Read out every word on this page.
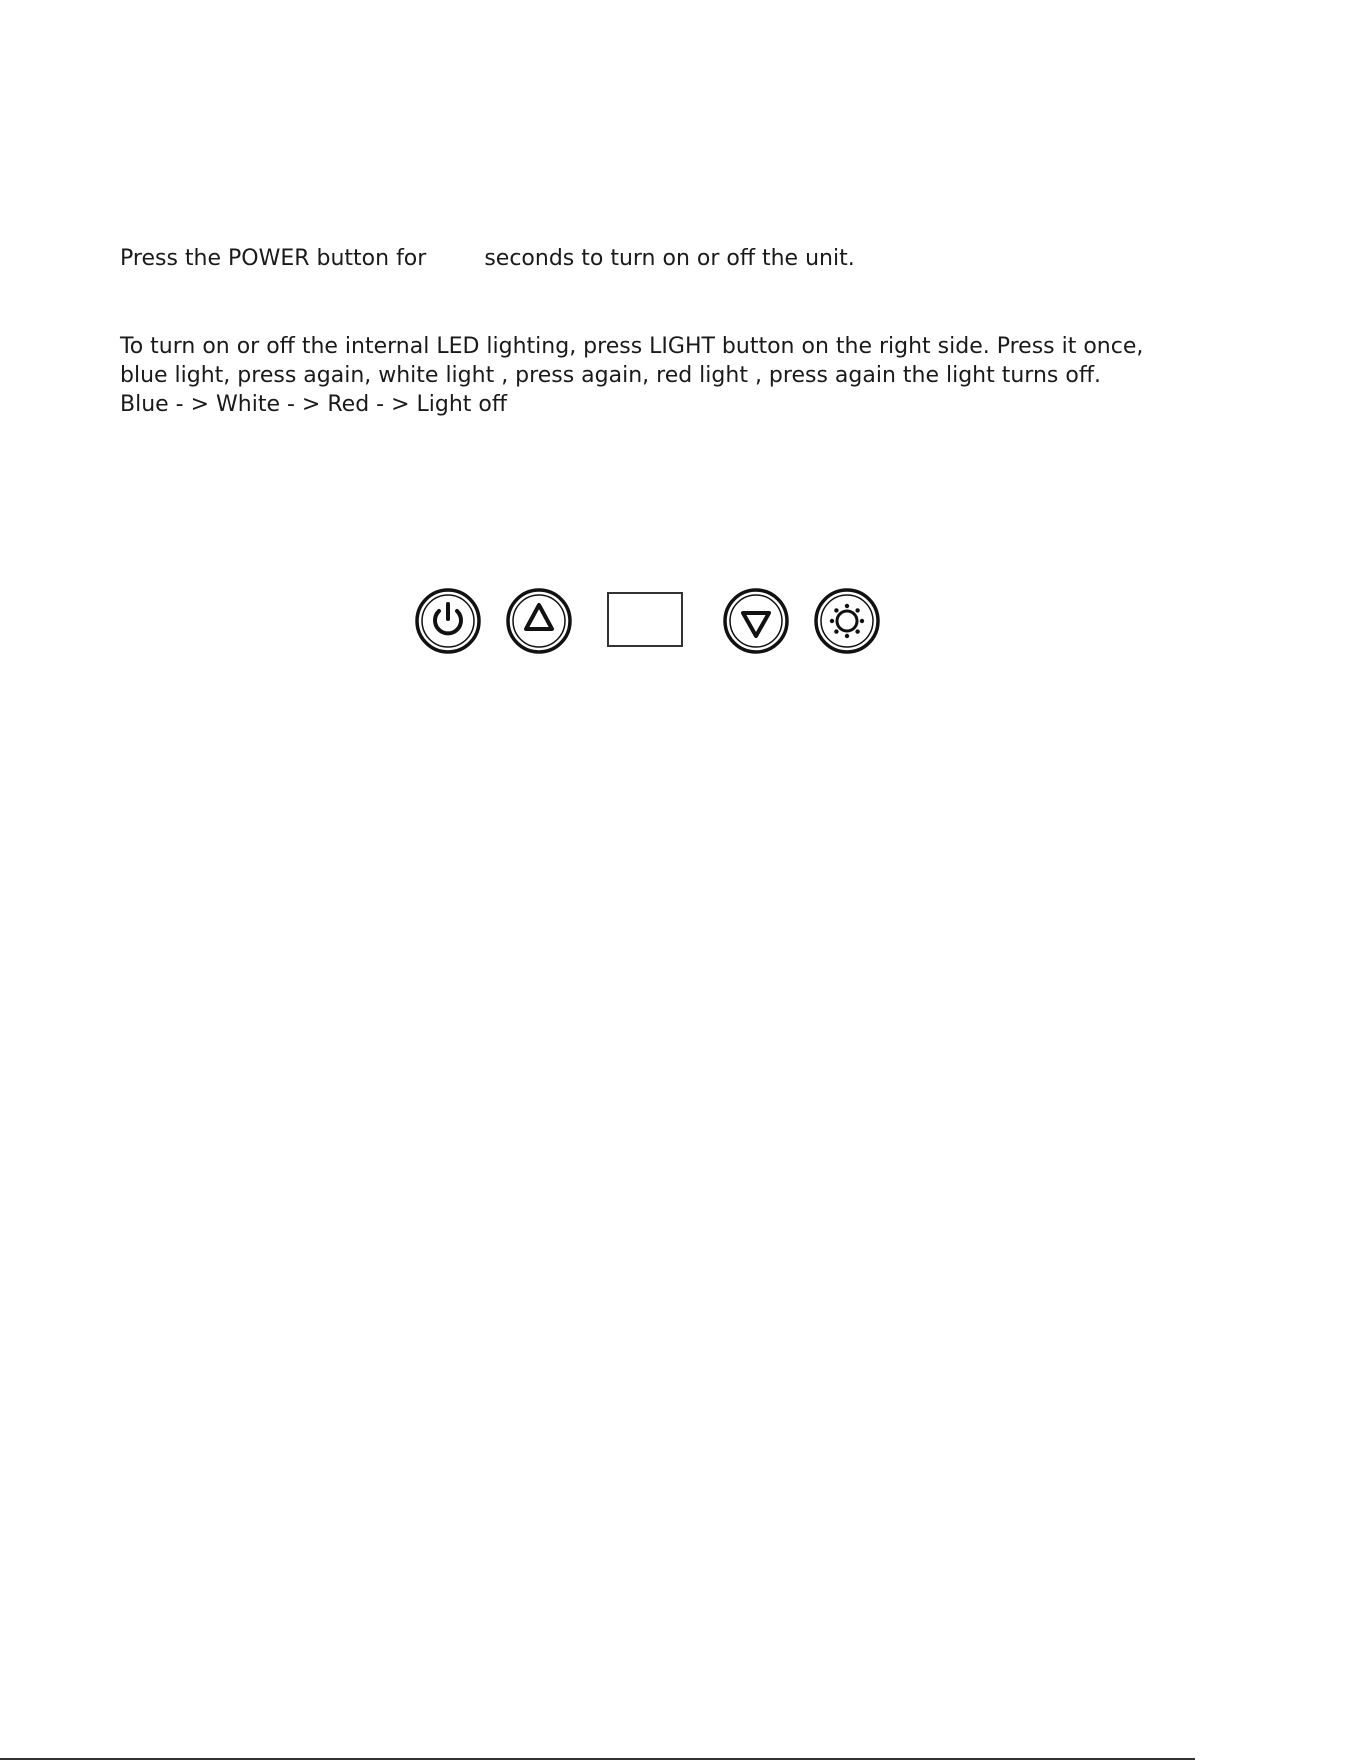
Press the POWER button for	seconds to turn on or off the unit.

To turn on or off the internal LED lighting, press LIGHT button on the right side. Press it once,
blue light, press again, white light , press again, red light , press again the light turns off.
Blue - > White - > Red - > Light off
